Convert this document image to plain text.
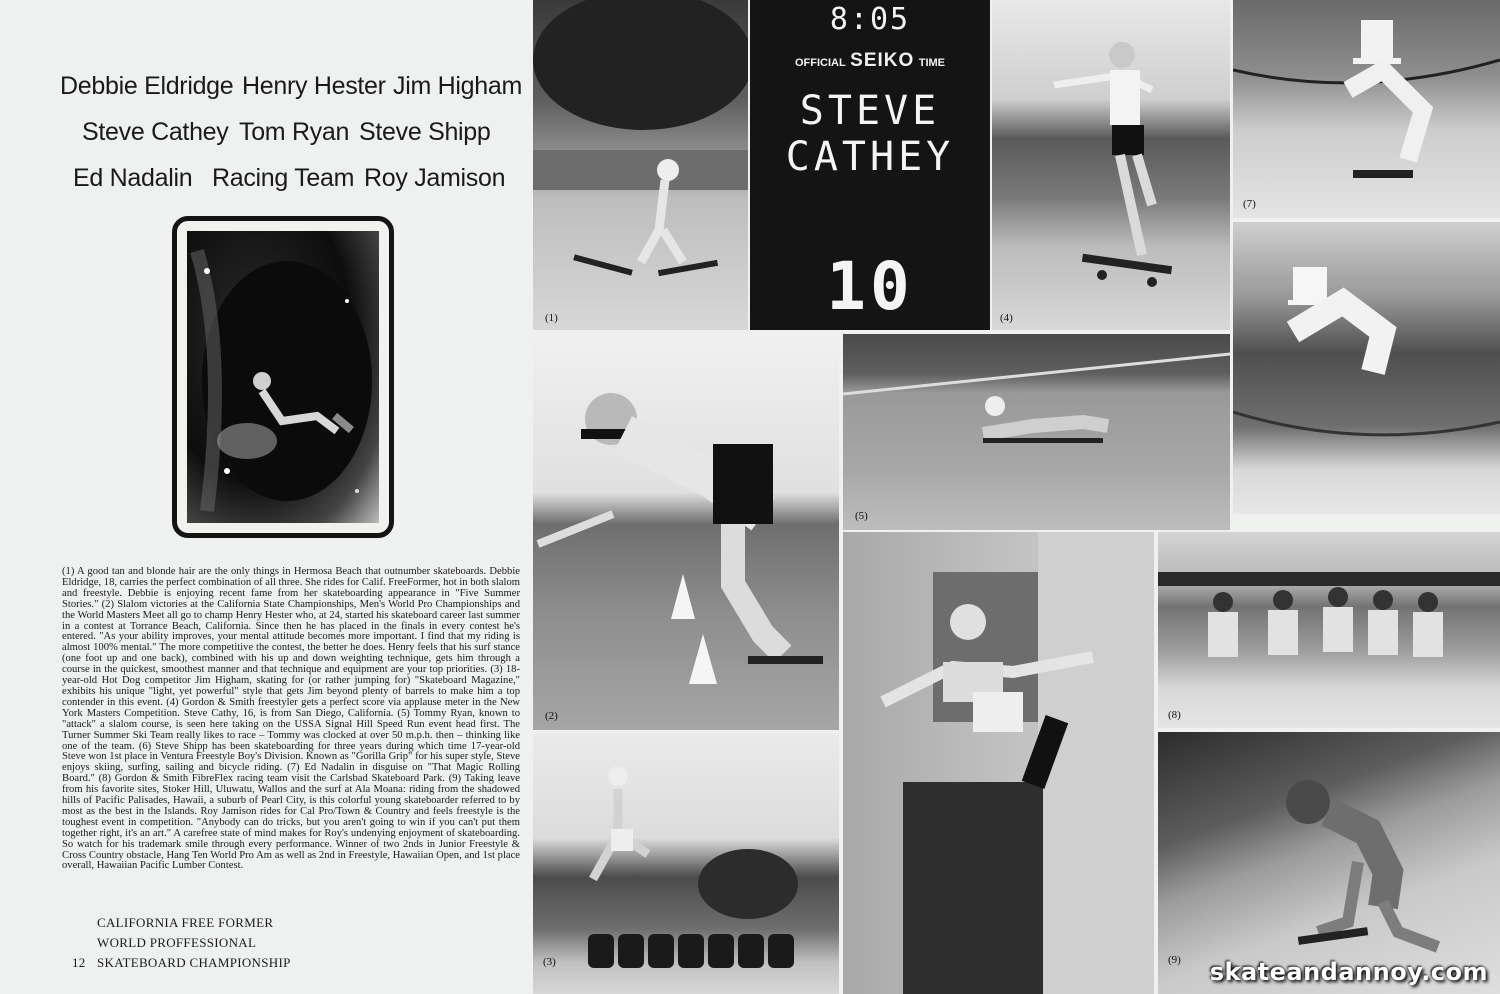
Debbie Eldridge Henry Hester Jim Higham
Steve Cathey Tom Ryan Steve Shipp
Ed Nadalin Racing Team Roy Jamison
(1) A good tan and blonde hair are the only things in Hermosa Beach that outnumber skateboards. Debbie Eldridge, 18, carries the perfect combination of all three. She rides for Calif. FreeFormer, hot in both slalom and freestyle. Debbie is enjoying recent fame from her skateboarding appearance in "Five Summer Stories." (2) Slalom victories at the California State Championships, Men's World Pro Championships and the World Masters Meet all go to champ Henry Hester who, at 24, started his skateboard career last summer in a contest at Torrance Beach, California. Since then he has placed in the finals in every contest he's entered. "As your ability improves, your mental attitude becomes more important. I find that my riding is almost 100% mental." The more competitive the contest, the better he does. Henry feels that his surf stance (one foot up and one back), combined with his up and down weighting technique, gets him through a course in the quickest, smoothest manner and that technique and equipment are your top priorities. (3) 18-year-old Hot Dog competitor Jim Higham, skating for (or rather jumping for) "Skateboard Magazine," exhibits his unique "light, yet powerful" style that gets Jim beyond plenty of barrels to make him a top contender in this event. (4) Gordon & Smith freestyler gets a perfect score via applause meter in the New York Masters Competition. Steve Cathy, 16, is from San Diego, California. (5) Tommy Ryan, known to "attack" a slalom course, is seen here taking on the USSA Signal Hill Speed Run event head first. The Turner Summer Ski Team really likes to race – Tommy was clocked at over 50 m.p.h. then – thinking like one of the team. (6) Steve Shipp has been skateboarding for three years during which time 17-year-old Steve won 1st place in Ventura Freestyle Boy's Division. Known as "Gorilla Grip" for his super style, Steve enjoys skiing, surfing, sailing and bicycle riding. (7) Ed Nadalin in disguise on "That Magic Rolling Board." (8) Gordon & Smith FibreFlex racing team visit the Carlsbad Skateboard Park. (9) Taking leave from his favorite sites, Stoker Hill, Uluwatu, Wallos and the surf at Ala Moana: riding from the shadowed hills of Pacific Palisades, Hawaii, a suburb of Pearl City, is this colorful young skateboarder referred to by most as the best in the Islands. Roy Jamison rides for Cal Pro/Town & Country and feels freestyle is the toughest event in competition. "Anybody can do tricks, but you aren't going to win if you can't put them together right, it's an art." A carefree state of mind makes for Roy's undenying enjoyment of skateboarding. So watch for his trademark smile through every performance. Winner of two 2nds in Junior Freestyle & Cross Country obstacle, Hang Ten World Pro Am as well as 2nd in Freestyle, Hawaiian Open, and 1st place overall, Hawaiian Pacific Lumber Contest.
CALIFORNIA FREE FORMER
WORLD PROFFESSIONAL
12 SKATEBOARD CHAMPIONSHIP
(1)
8:05
OFFICIAL SEIKO TIME
STEVE
CATHEY
10	(4)
(7)
(2)
(5)
(8)
(3)	(9) skateandannoy.com
